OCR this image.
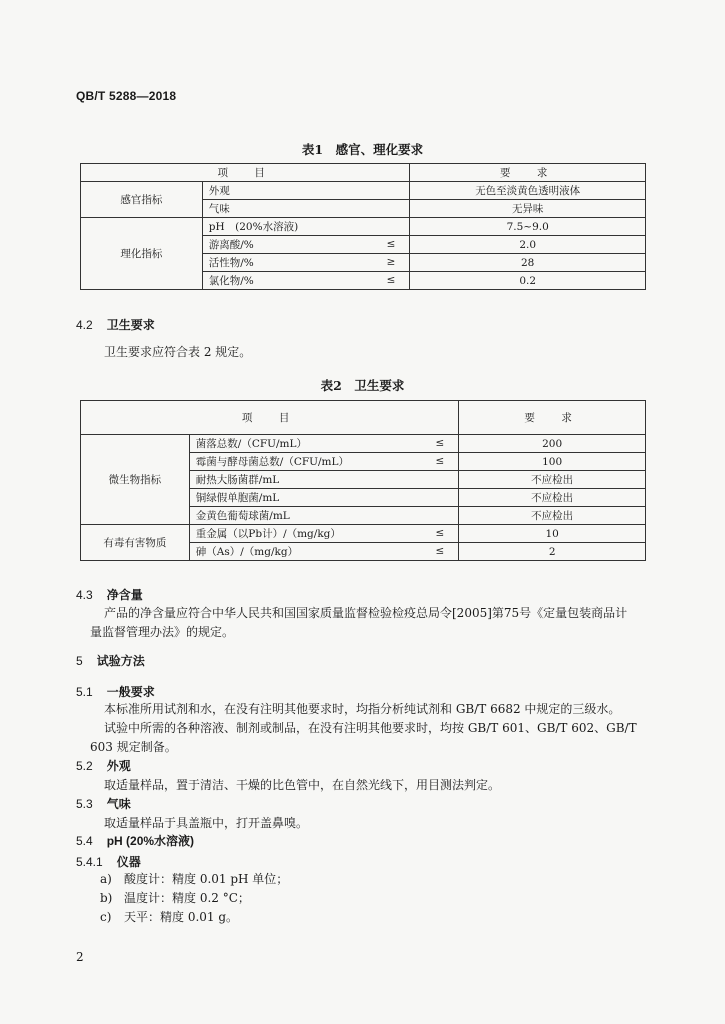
QB/T 5288—2018
表1　感官、理化要求
项　目		要　求
感官指标	外观	无色至淡黄色透明液体
	气味	无异味
理化指标	pH　(20%水溶液)	7.5~9.0
	游离酸/% ≤	2.0
	活性物/% ≥	28
	氯化物/% ≤	0.2
4.2 卫生要求
卫生要求应符合表 2 规定。
表2　卫生要求
项　目		要　求
微生物指标	菌落总数/（CFU/mL） ≤	200
	霉菌与酵母菌总数/（CFU/mL） ≤	100
	耐热大肠菌群/mL	不应检出
	铜绿假单胞菌/mL	不应检出
	金黄色葡萄球菌/mL	不应检出
有毒有害物质	重金属（以Pb计）/（mg/kg） ≤	10
	砷（As）/（mg/kg） ≤	2
4.3 净含量
产品的净含量应符合中华人民共和国国家质量监督检验检疫总局令[2005]第75号《定量包装商品计
量监督管理办法》的规定。
5 试验方法
5.1 一般要求
本标准所用试剂和水，在没有注明其他要求时，均指分析纯试剂和 GB/T 6682 中规定的三级水。
试验中所需的各种溶液、制剂或制品，在没有注明其他要求时，均按 GB/T 601、GB/T 602、GB/T
603 规定制备。
5.2 外观
取适量样品，置于清洁、干燥的比色管中，在自然光线下，用目测法判定。
5.3 气味
取适量样品于具盖瓶中，打开盖鼻嗅。
5.4 pH (20%水溶液)
5.4.1 仪器
a) 酸度计：精度 0.01 pH 单位；
b) 温度计：精度 0.2 °C；
c) 天平：精度 0.01 g。
2
